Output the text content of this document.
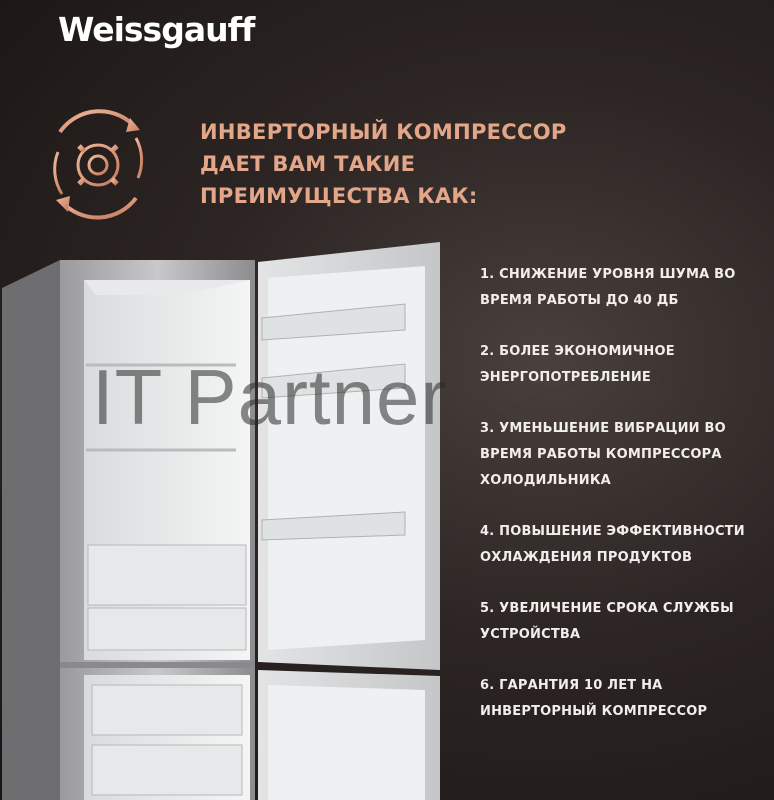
Weissgauff
ИНВЕРТОРНЫЙ КОМПРЕССОР
ДАЕТ ВАМ ТАКИЕ
ПРЕИМУЩЕСТВА КАК:
IT Partner
1. СНИЖЕНИЕ УРОВНЯ ШУМА ВО
ВРЕМЯ РАБОТЫ ДО 40 ДБ
2. БОЛЕЕ ЭКОНОМИЧНОЕ
ЭНЕРГОПОТРЕБЛЕНИЕ
3. УМЕНЬШЕНИЕ ВИБРАЦИИ ВО
ВРЕМЯ РАБОТЫ КОМПРЕССОРА
ХОЛОДИЛЬНИКА
4. ПОВЫШЕНИЕ ЭФФЕКТИВНОСТИ
ОХЛАЖДЕНИЯ ПРОДУКТОВ
5. УВЕЛИЧЕНИЕ СРОКА СЛУЖБЫ
УСТРОЙСТВА
6. ГАРАНТИЯ 10 ЛЕТ НА
ИНВЕРТОРНЫЙ КОМПРЕССОР
